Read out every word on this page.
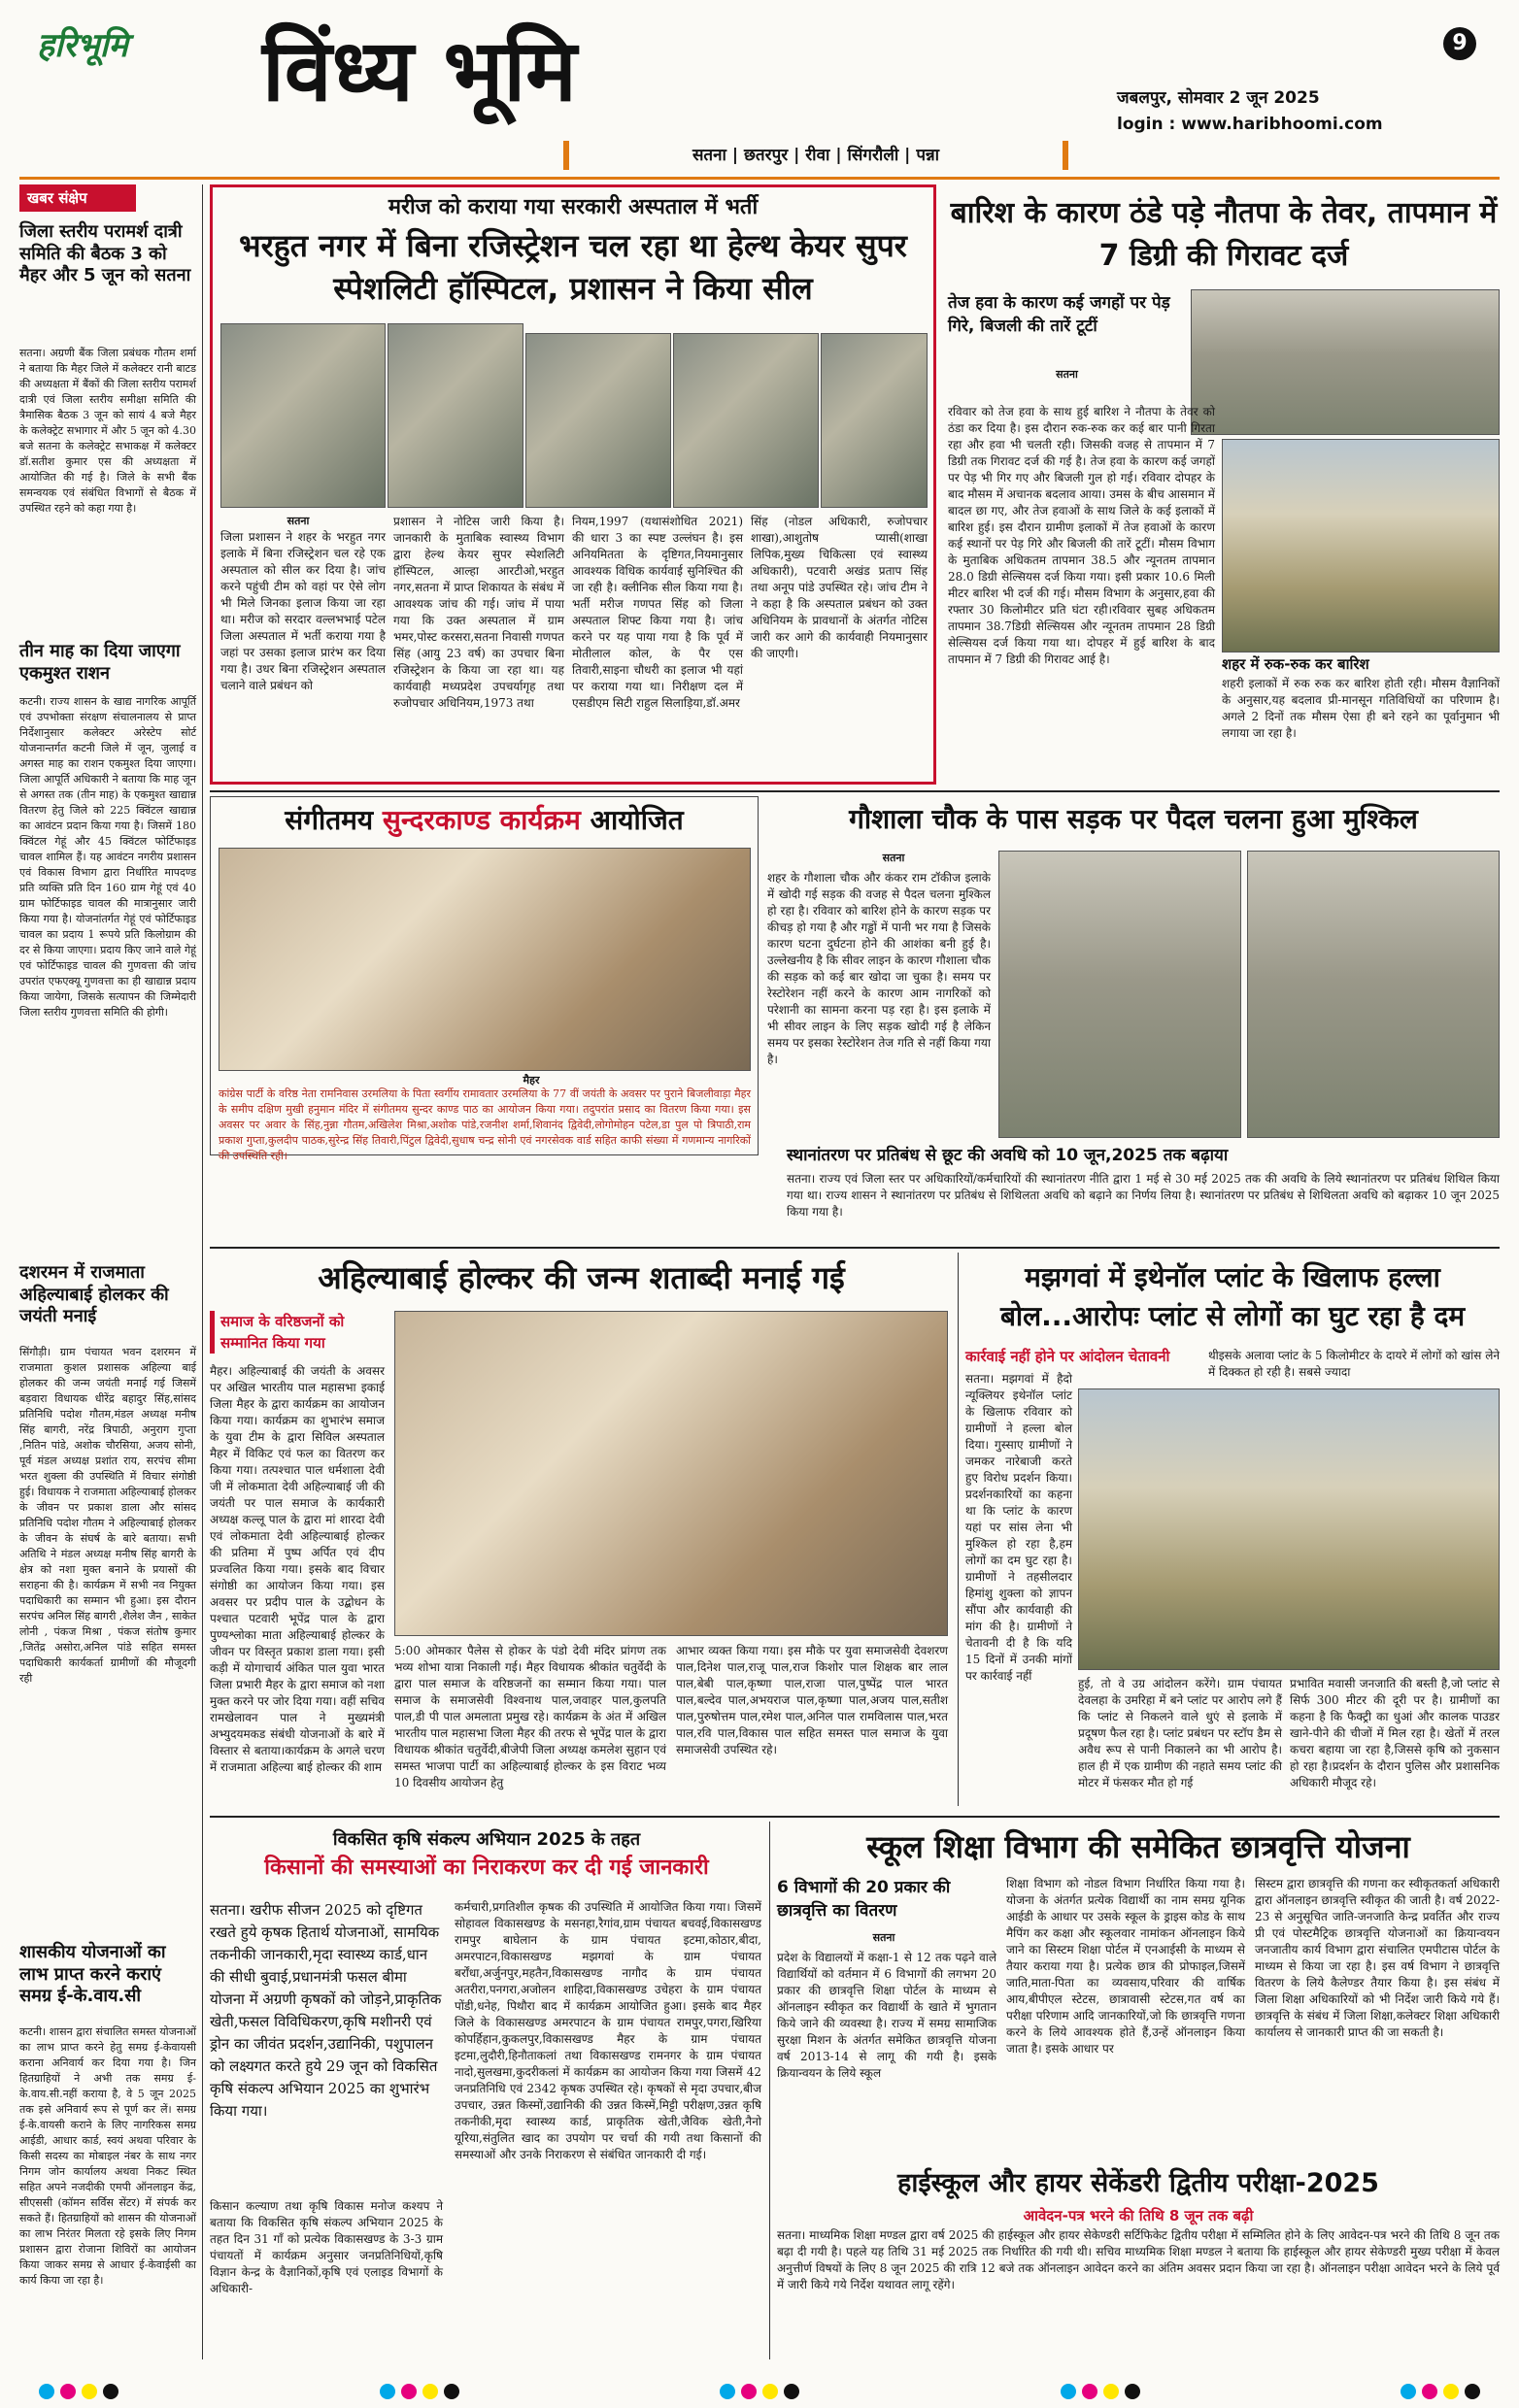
हरिभूमि विंध्य भूमि	9
जबलपुर, सोमवार 2 जून 2025
login : www.haribhoomi.com
सतना | छतरपुर | रीवा | सिंगरौली | पन्ना
खबर संक्षेप
जिला स्तरीय परामर्श दात्री समिति की बैठक 3 को मैहर और 5 जून को सतना
सतना। अग्रणी बैंक जिला प्रबंधक गौतम शर्मा ने बताया कि मैहर जिले में कलेक्टर रानी बाटड की अध्यक्षता में बैंकों की जिला स्तरीय परामर्श दात्री एवं जिला स्तरीय समीक्षा समिति की त्रैमासिक बैठक 3 जून को सायं 4 बजे मैहर के कलेक्ट्रेट सभागार में और 5 जून को 4.30 बजे सतना के कलेक्ट्रेट सभाकक्ष में कलेक्टर डॉ.सतीश कुमार एस की अध्यक्षता में आयोजित की गई है। जिले के सभी बैंक समन्वयक एवं संबंधित विभागों से बैठक में उपस्थित रहने को कहा गया है।
तीन माह का दिया जाएगा एकमुश्त राशन
कटनी। राज्य शासन के खाद्य नागरिक आपूर्ति एवं उपभोक्ता संरक्षण संचालनालय से प्राप्त निर्देशानुसार कलेक्टर अरेस्टेप सोर्ट योजनान्तर्गत कटनी जिले में जून, जुलाई व अगस्त माह का राशन एकमुश्त दिया जाएगा। जिला आपूर्ति अधिकारी ने बताया कि माह जून से अगस्त तक (तीन माह) के एकमुश्त खाद्यान्न वितरण हेतु जिले को 225 क्विंटल खाद्यान्न का आवंटन प्रदान किया गया है। जिसमें 180 क्विंटल गेहूं और 45 क्विंटल फोर्टिफाइड चावल शामिल हैं। यह आवंटन नगरीय प्रशासन एवं विकास विभाग द्वारा निर्धारित मापदण्ड प्रति व्यक्ति प्रति दिन 160 ग्राम गेहूं एवं 40 ग्राम फोर्टिफाइड चावल की मात्रानुसार जारी किया गया है। योजनांतर्गत गेहूं एवं फोर्टिफाइड चावल का प्रदाय 1 रूपये प्रति किलोग्राम की दर से किया जाएगा। प्रदाय किए जाने वाले गेहूं एवं फोर्टिफाइड चावल की गुणवत्ता की जांच उपरांत एफएक्यू गुणवत्ता का ही खाद्यान्न प्रदाय किया जायेगा, जिसके सत्यापन की जिम्मेदारी जिला स्तरीय गुणवत्ता समिति की होगी।
दशरमन में राजमाता अहिल्याबाई होलकर की जयंती मनाई
सिंगौड़ी। ग्राम पंचायत भवन दशरमन में राजमाता कुशल प्रशासक अहिल्या बाई होलकर की जन्म जयंती मनाई गई जिसमें बड़वारा विधायक धीरेंद्र बहादुर सिंह,सांसद प्रतिनिधि पदोश गौतम,मंडल अध्यक्ष मनीष सिंह बागरी, नरेंद्र त्रिपाठी, अनुराग गुप्ता ,नितिन पांडे, अशोक चौरसिया, अजय सोनी, पूर्व मंडल अध्यक्ष प्रशांत राय, सरपंच सीमा भरत शुक्ला की उपस्थिति में विचार संगोष्ठी हुई। विधायक ने राजमाता अहिल्याबाई होलकर के जीवन पर प्रकाश डाला और सांसद प्रतिनिधि पदोश गौतम ने अहिल्याबाई होलकर के जीवन के संघर्ष के बारे बताया। सभी अतिथि ने मंडल अध्यक्ष मनीष सिंह बागरी के क्षेत्र को नशा मुक्त बनाने के प्रयासों की सराहना की है। कार्यक्रम में सभी नव नियुक्त पदाधिकारी का सम्मान भी हुआ। इस दौरान सरपंच अनिल सिंह बागरी ,शैलेश जैन , साकेत लोनी , पंकज मिश्रा , पंकज संतोष कुमार ,जितेंद्र असोरा,अनिल पांडे सहित समस्त पदाधिकारी कार्यकर्ता ग्रामीणों की मौजूदगी रही
शासकीय योजनाओं का लाभ प्राप्त करने कराएं समग्र ई-के.वाय.सी
कटनी। शासन द्वारा संचालित समस्त योजनाओं का लाभ प्राप्त करने हेतु समग्र ई-केवायसी कराना अनिवार्य कर दिया गया है। जिन हितग्राहियों ने अभी तक समग्र ई-के.वाय.सी.नहीं कराया है, वे 5 जून 2025 तक इसे अनिवार्य रूप से पूर्ण कर लें। समग्र ई-के.वायसी कराने के लिए नागरिकस समग्र आईडी, आधार कार्ड, स्वयं अथवा परिवार के किसी सदस्य का मोबाइल नंबर के साथ नगर निगम जोन कार्यालय अथवा निकट स्थित सहित अपने नजदीकी एमपी ऑनलाइन केंद्र, सीएससी (कॉमन सर्विस सेंटर) में संपर्क कर सकते हैं। हितग्राहियों को शासन की योजनाओं का लाभ निरंतर मिलता रहे इसके लिए निगम प्रशासन द्वारा रोजाना शिविरों का आयोजन किया जाकर समग्र से आधार ई-केवाईसी का कार्य किया जा रहा है।
मरीज को कराया गया सरकारी अस्पताल में भर्ती
भरहुत नगर में बिना रजिस्ट्रेशन चल रहा था हेल्थ केयर सुपर स्पेशलिटी हॉस्पिटल, प्रशासन ने किया सील
सतना
जिला प्रशासन ने शहर के भरहुत नगर इलाके में बिना रजिस्ट्रेशन चल रहे एक अस्पताल को सील कर दिया है। जांच करने पहुंची टीम को वहां पर ऐसे लोग भी मिले जिनका इलाज किया जा रहा था। मरीज को सरदार वल्लभभाई पटेल जिला अस्पताल में भर्ती कराया गया है जहां पर उसका इलाज प्रारंभ कर दिया गया है। उधर बिना रजिस्ट्रेशन अस्पताल चलाने वाले प्रबंधन को
प्रशासन ने नोटिस जारी किया है। जानकारी के मुताबिक स्वास्थ्य विभाग द्वारा हेल्थ केयर सुपर स्पेशलिटी हॉस्पिटल, आल्हा आरटीओ,भरहुत नगर,सतना में प्राप्त शिकायत के संबंध में आवश्यक जांच की गई। जांच में पाया गया कि उक्त अस्पताल में ग्राम भमर,पोस्ट करसरा,सतना निवासी गणपत सिंह (आयु 23 वर्ष) का उपचार बिना रजिस्ट्रेशन के किया जा रहा था। यह कार्यवाही मध्यप्रदेश उपचर्यागृह तथा रुजोपचार अधिनियम,1973 तथा
नियम,1997 (यथासंशोधित 2021) की धारा 3 का स्पष्ट उल्लंघन है। इस अनियमितता के दृष्टिगत,नियमानुसार आवश्यक विधिक कार्यवाई सुनिश्चित की जा रही है। क्लीनिक सील किया गया है। भर्ती मरीज गणपत सिंह को जिला अस्पताल शिफ्ट किया गया है। जांच करने पर यह पाया गया है कि पूर्व में मोतीलाल कोल, के पैर एस तिवारी,साइना चौधरी का इलाज भी यहां पर कराया गया था। निरीक्षण दल में एसडीएम सिटी राहुल सिलाड़िया,डॉ.अमर
सिंह (नोडल अधिकारी, रुजोपचार शाखा),आशुतोष प्यासी(शाखा लिपिक,मुख्य चिकित्सा एवं स्वास्थ्य अधिकारी), पटवारी अखंड प्रताप सिंह तथा अनूप पांडे उपस्थित रहे। जांच टीम ने ने कहा है कि अस्पताल प्रबंधन को उक्त अधिनियम के प्रावधानों के अंतर्गत नोटिस जारी कर आगे की कार्यवाही नियमानुसार की जाएगी।
बारिश के कारण ठंडे पड़े नौतपा के तेवर, तापमान में 7 डिग्री की गिरावट दर्ज
तेज हवा के कारण कई जगहों पर पेड़ गिरे, बिजली की तारें टूटीं
सतना
रविवार को तेज हवा के साथ हुई बारिश ने नौतपा के तेवर को ठंडा कर दिया है। इस दौरान रुक-रुक कर कई बार पानी गिरता रहा और हवा भी चलती रही। जिसकी वजह से तापमान में 7 डिग्री तक गिरावट दर्ज की गई है। तेज हवा के कारण कई जगहों पर पेड़ भी गिर गए और बिजली गुल हो गई। रविवार दोपहर के बाद मौसम में अचानक बदलाव आया। उमस के बीच आसमान में बादल छा गए, और तेज हवाओं के साथ जिले के कई इलाकों में बारिश हुई। इस दौरान ग्रामीण इलाकों में तेज हवाओं के कारण कई स्थानों पर पेड़ गिरे और बिजली की तारें टूटीं। मौसम विभाग के मुताबिक अधिकतम तापमान 38.5 और न्यूनतम तापमान 28.0 डिग्री सेल्सियस दर्ज किया गया। इसी प्रकार 10.6 मिली मीटर बारिश भी दर्ज की गई। मौसम विभाग के अनुसार,हवा की रफ्तार 30 किलोमीटर प्रति घंटा रही।रविवार सुबह अधिकतम तापमान 38.7डिग्री सेल्सियस और न्यूनतम तापमान 28 डिग्री सेल्सियस दर्ज किया गया था। दोपहर में हुई बारिश के बाद तापमान में 7 डिग्री की गिरावट आई है।	शहर में रुक-रुक कर बारिश
शहरी इलाकों में रुक रुक कर बारिश होती रही। मौसम वैज्ञानिकों के अनुसार,यह बदलाव प्री-मानसून गतिविधियों का परिणाम है। अगले 2 दिनों तक मौसम ऐसा ही बने रहने का पूर्वानुमान भी लगाया जा रहा है।
संगीतमय सुन्दरकाण्ड कार्यक्रम आयोजित
मैहर
कांग्रेस पार्टी के वरिष्ठ नेता रामनिवास उरमलिया के पिता स्वर्गीय रामावतार उरमलिया के 77 वीं जयंती के अवसर पर पुराने बिजलीवाड़ा मैहर के समीप दक्षिण मुखी हनुमान मंदिर में संगीतमय सुन्दर काण्ड पाठ का आयोजन किया गया। तदुपरांत प्रसाद का वितरण किया गया। इस अवसर पर अवार के सिंह,नुन्ना गौतम,अखिलेश मिश्रा,अशोक पांडे,रजनीश शर्मा,शिवानंद द्विवेदी,लोगोमोहन पटेल,डा पुल पो त्रिपाठी,राम प्रकाश गुप्ता,कुलदीप पाठक,सुरेन्द्र सिंह तिवारी,पिंटुल द्विवेदी,सुधाष चन्द्र सोनी एवं नगरसेवक वार्ड सहित काफी संख्या में गणमान्य नागरिकों की उपस्थिति रही।
गौशाला चौक के पास सड़क पर पैदल चलना हुआ मुश्किल
सतना
शहर के गौशाला चौक और कंकर राम टॉकीज इलाके में खोदी गई सड़क की वजह से पैदल चलना मुश्किल हो रहा है। रविवार को बारिश होने के कारण सड़क पर कीचड़ हो गया है और गड्ढों में पानी भर गया है जिसके कारण घटना दुर्घटना होने की आशंका बनी हुई है। उल्लेखनीय है कि सीवर लाइन के कारण गौशाला चौक की सड़क को कई बार खोदा जा चुका है। समय पर रेस्टोरेशन नहीं करने के कारण आम नागरिकों को परेशानी का सामना करना पड़ रहा है। इस इलाके में भी सीवर लाइन के लिए सड़क खोदी गई है लेकिन समय पर इसका रेस्टोरेशन तेज गति से नहीं किया गया है।
स्थानांतरण पर प्रतिबंध से छूट की अवधि को 10 जून,2025 तक बढ़ाया
सतना। राज्य एवं जिला स्तर पर अधिकारियों/कर्मचारियों की स्थानांतरण नीति द्वारा 1 मई से 30 मई 2025 तक की अवधि के लिये स्थानांतरण पर प्रतिबंध शिथिल किया गया था। राज्य शासन ने स्थानांतरण पर प्रतिबंध से शिथिलता अवधि को बढ़ाने का निर्णय लिया है। स्थानांतरण पर प्रतिबंध से शिथिलता अवधि को बढ़ाकर 10 जून 2025 किया गया है।
अहिल्याबाई होल्कर की जन्म शताब्दी मनाई गई
समाज के वरिष्ठजनों को सम्मानित किया गया
मैहर। अहिल्याबाई की जयंती के अवसर पर अखिल भारतीय पाल महासभा इकाई जिला मैहर के द्वारा कार्यक्रम का आयोजन किया गया। कार्यक्रम का शुभारंभ समाज के युवा टीम के द्वारा सिविल अस्पताल मैहर में विकिट एवं फल का वितरण कर किया गया। तत्पश्चात पाल धर्मशाला देवी जी में लोकमाता देवी अहिल्याबाई जी की जयंती पर पाल समाज के कार्यकारी अध्यक्ष कल्लू पाल के द्वारा मां शारदा देवी एवं लोकमाता देवी अहिल्याबाई होल्कर की प्रतिमा में पुष्प अर्पित एवं दीप प्रज्वलित किया गया। इसके बाद विचार संगोष्ठी का आयोजन किया गया। इस अवसर पर प्रदीप पाल के उद्बोधन के पश्चात पटवारी भूपेंद्र पाल के द्वारा पुण्यश्लोका माता अहिल्याबाई होल्कर के जीवन पर विस्तृत प्रकाश डाला गया। इसी कड़ी में योगाचार्य अंकित पाल युवा भारत जिला प्रभारी मैहर के द्वारा समाज को नशा मुक्त करने पर जोर दिया गया। वहीं सचिव रामखेलावन पाल ने मुख्यमंत्री अभ्युदयमकड संबंधी योजनाओं के बारे में विस्तार से बताया।कार्यक्रम के अगले चरण में राजमाता अहिल्या बाई होल्कर की शाम
5:00 ओमकार पैलेस से होकर के पंडो देवी मंदिर प्रांगण तक भव्य शोभा यात्रा निकाली गई। मैहर विधायक श्रीकांत चतुर्वेदी के द्वारा पाल समाज के वरिष्ठजनों का सम्मान किया गया। पाल समाज के समाजसेवी विश्वनाथ पाल,जवाहर पाल,कुलपति पाल,डी पी पाल अमलाता प्रमुख रहे। कार्यक्रम के अंत में अखिल भारतीय पाल महासभा जिला मैहर की तरफ से भूपेंद्र पाल के द्वारा विधायक श्रीकांत चतुर्वेदी,बीजेपी जिला अध्यक्ष कमलेश सुहान एवं समस्त भाजपा पार्टी का अहिल्याबाई होल्कर के इस विराट भव्य 10 दिवसीय आयोजन हेतु
आभार व्यक्त किया गया। इस मौके पर युवा समाजसेवी देवशरण पाल,दिनेश पाल,राजू पाल,राज किशोर पाल शिक्षक बार लाल पाल,बेबी पाल,कृष्णा पाल,राजा पाल,पुष्पेंद्र पाल भारत पाल,बल्देव पाल,अभयराज पाल,कृष्णा पाल,अजय पाल,सतीश पाल,पुरुषोत्तम पाल,रमेश पाल,अनिल पाल रामविलास पाल,भरत पाल,रवि पाल,विकास पाल सहित समस्त पाल समाज के युवा समाजसेवी उपस्थित रहे।
मझगवां में इथेनॉल प्लांट के खिलाफ हल्ला बोल...आरोपः प्लांट से लोगों का घुट रहा है दम
कार्रवाई नहीं होने पर आंदोलन चेतावनी	थीइसके अलावा प्लांट के 5 किलोमीटर के दायरे में लोगों को खांस लेने में दिक्कत हो रही है। सबसे ज्यादा
सतना। मझगवां में हैदो न्यूक्लियर इथेनॉल प्लांट के खिलाफ रविवार को ग्रामीणों ने हल्ला बोल दिया। गुस्साए ग्रामीणों ने जमकर नारेबाजी करते हुए विरोध प्रदर्शन किया। प्रदर्शनकारियों का कहना था कि प्लांट के कारण यहां पर सांस लेना भी मुश्किल हो रहा है,हम लोगों का दम घुट रहा है। ग्रामीणों ने तहसीलदार हिमांशु शुक्ला को ज्ञापन सौंपा और कार्यवाही की मांग की है। ग्रामीणों ने चेतावनी दी है कि यदि 15 दिनों में उनकी मांगों पर कार्रवाई नहीं
हुई, तो वे उग्र आंदोलन करेंगे। ग्राम पंचायत देवलहा के उमरिहा में बने प्लांट पर आरोप लगे हैं कि प्लांट से निकलने वाले धुएं से इलाके में प्रदूषण फैल रहा है। प्लांट प्रबंधन पर स्टॉप डैम से अवैध रूप से पानी निकालने का भी आरोप है। हाल ही में एक ग्रामीण की नहाते समय प्लांट की मोटर में फंसकर मौत हो गई
प्रभावित मवासी जनजाति की बस्ती है,जो प्लांट से सिर्फ 300 मीटर की दूरी पर है। ग्रामीणों का कहना है कि फैक्ट्री का धुआं और कालक पाउडर खाने-पीने की चीजों में मिल रहा है। खेतों में तरल कचरा बहाया जा रहा है,जिससे कृषि को नुकसान हो रहा है।प्रदर्शन के दौरान पुलिस और प्रशासनिक अधिकारी मौजूद रहे।
विकसित कृषि संकल्प अभियान 2025 के तहत
किसानों की समस्याओं का निराकरण कर दी गई जानकारी
सतना। खरीफ सीजन 2025 को दृष्टिगत रखते हुये कृषक हितार्थ योजनाओं, सामयिक तकनीकी जानकारी,मृदा स्वास्थ्य कार्ड,धान की सीधी बुवाई,प्रधानमंत्री फसल बीमा योजना में अग्रणी कृषकों को जोड़ने,प्राकृतिक खेती,फसल विविधिकरण,कृषि मशीनरी एवं ड्रोन का जीवंत प्रदर्शन,उद्यानिकी, पशुपालन को लक्ष्यगत करते हुये 29 जून को विकसित कृषि संकल्प अभियान 2025 का शुभारंभ किया गया।
किसान कल्याण तथा कृषि विकास मनोज कश्यप ने बताया कि विकसित कृषि संकल्प अभियान 2025 के तहत दिन 31 गाँ को प्रत्येक विकासखण्ड के 3-3 ग्राम पंचायतों में कार्यक्रम अनुसार जनप्रतिनिधियों,कृषि विज्ञान केन्द्र के वैज्ञानिकों,कृषि एवं एलाइड विभागों के अधिकारी-
कर्मचारी,प्रगतिशील कृषक की उपस्थिति में आयोजित किया गया। जिसमें सोहावल विकासखण्ड के मसनहा,रैगांव,ग्राम पंचायत बचवई,विकासखण्ड रामपुर बाघेलान के ग्राम पंचायत इटमा,कोठार,बीदा, अमरपाटन,विकासखण्ड मझगवां के ग्राम पंचायत बर्रोंधा,अर्जुनपुर,महतैन,विकासखण्ड नागौद के ग्राम पंचायत अतरीरा,पनगरा,अजोलन शाहिदा,विकासखण्ड उचेहरा के ग्राम पंचायत पोंडी,धनेह, पिथौरा बाद में कार्यक्रम आयोजित हुआ। इसके बाद मैहर जिले के विकासखण्ड अमरपाटन के ग्राम पंचायत रामपुर,पगरा,खिरिया कोपर्हिहान,कुकलपुर,विकासखण्ड मैहर के ग्राम पंचायत इटमा,लुदौरी,हिनौताकलां तथा विकासखण्ड रामनगर के ग्राम पंचायत नादो,सुलखमा,कुदरीकलां में कार्यक्रम का आयोजन किया गया जिसमें 42 जनप्रतिनिधि एवं 2342 कृषक उपस्थित रहे। कृषकों से मृदा उपचार,बीज उपचार, उन्नत किस्मों,उद्यानिकी की उन्नत किस्में,मिट्टी परीक्षण,उन्नत कृषि तकनीकी,मृदा स्वास्थ्य कार्ड, प्राकृतिक खेती,जैविक खेती,नैनो यूरिया,संतुलित खाद का उपयोग पर चर्चा की गयी तथा किसानों की समस्याओं और उनके निराकरण से संबंधित जानकारी दी गई।
स्कूल शिक्षा विभाग की समेकित छात्रवृत्ति योजना
6 विभागों की 20 प्रकार की छात्रवृत्ति का वितरण
सतना
प्रदेश के विद्यालयों में कक्षा-1 से 12 तक पढ़ने वाले विद्यार्थियों को वर्तमान में 6 विभागों की लगभग 20 प्रकार की छात्रवृत्ति शिक्षा पोर्टल के माध्यम से ऑनलाइन स्वीकृत कर विद्यार्थी के खाते में भुगतान किये जाने की व्यवस्था है। राज्य में समग्र सामाजिक सुरक्षा मिशन के अंतर्गत समेकित छात्रवृत्ति योजना वर्ष 2013-14 से लागू की गयी है। इसके क्रियान्वयन के लिये स्कूल
शिक्षा विभाग को नोडल विभाग निर्धारित किया गया है। योजना के अंतर्गत प्रत्येक विद्यार्थी का नाम समग्र यूनिक आईडी के आधार पर उसके स्कूल के ड्राइस कोड के साथ मैपिंग कर कक्षा और स्कूलवार नामांकन ऑनलाइन किये जाने का सिस्टम शिक्षा पोर्टल में एनआईसी के माध्यम से तैयार कराया गया है। प्रत्येक छात्र की प्रोफाइल,जिसमें जाति,माता-पिता का व्यवसाय,परिवार की वार्षिक आय,बीपीएल स्टेटस, छात्रावासी स्टेटस,गत वर्ष का परीक्षा परिणाम आदि जानकारियों,जो कि छात्रवृत्ति गणना करने के लिये आवश्यक होते हैं,उन्हें ऑनलाइन किया जाता है। इसके आधार पर
सिस्टम द्वारा छात्रवृत्ति की गणना कर स्वीकृतकर्ता अधिकारी द्वारा ऑनलाइन छात्रवृत्ति स्वीकृत की जाती है। वर्ष 2022-23 से अनुसूचित जाति-जनजाति केन्द्र प्रवर्तित और राज्य प्री एवं पोस्टमैट्रिक छात्रवृत्ति योजनाओं का क्रियान्वयन जनजातीय कार्य विभाग द्वारा संचालित एमपीटास पोर्टल के माध्यम से किया जा रहा है। इस वर्ष विभाग ने छात्रवृत्ति वितरण के लिये कैलेण्डर तैयार किया है। इस संबंध में जिला शिक्षा अधिकारियों को भी निर्देश जारी किये गये हैं।छात्रवृत्ति के संबंध में जिला शिक्षा,कलेक्टर शिक्षा अधिकारी कार्यालय से जानकारी प्राप्त की जा सकती है।
हाईस्कूल और हायर सेकेंडरी द्वितीय परीक्षा-2025
आवेदन-पत्र भरने की तिथि 8 जून तक बढ़ी
सतना। माध्यमिक शिक्षा मण्डल द्वारा वर्ष 2025 की हाईस्कूल और हायर सेकेण्डरी सर्टिफिकेट द्वितीय परीक्षा में सम्मिलित होने के लिए आवेदन-पत्र भरने की तिथि 8 जून तक बढ़ा दी गयी है। पहले यह तिथि 31 मई 2025 तक निर्धारित की गयी थी। सचिव माध्यमिक शिक्षा मण्डल ने बताया कि हाईस्कूल और हायर सेकेण्डरी मुख्य परीक्षा में केवल अनुत्तीर्ण विषयों के लिए 8 जून 2025 की रात्रि 12 बजे तक ऑनलाइन आवेदन करने का अंतिम अवसर प्रदान किया जा रहा है। ऑनलाइन परीक्षा आवेदन भरने के लिये पूर्व में जारी किये गये निर्देश यथावत लागू रहेंगे।
